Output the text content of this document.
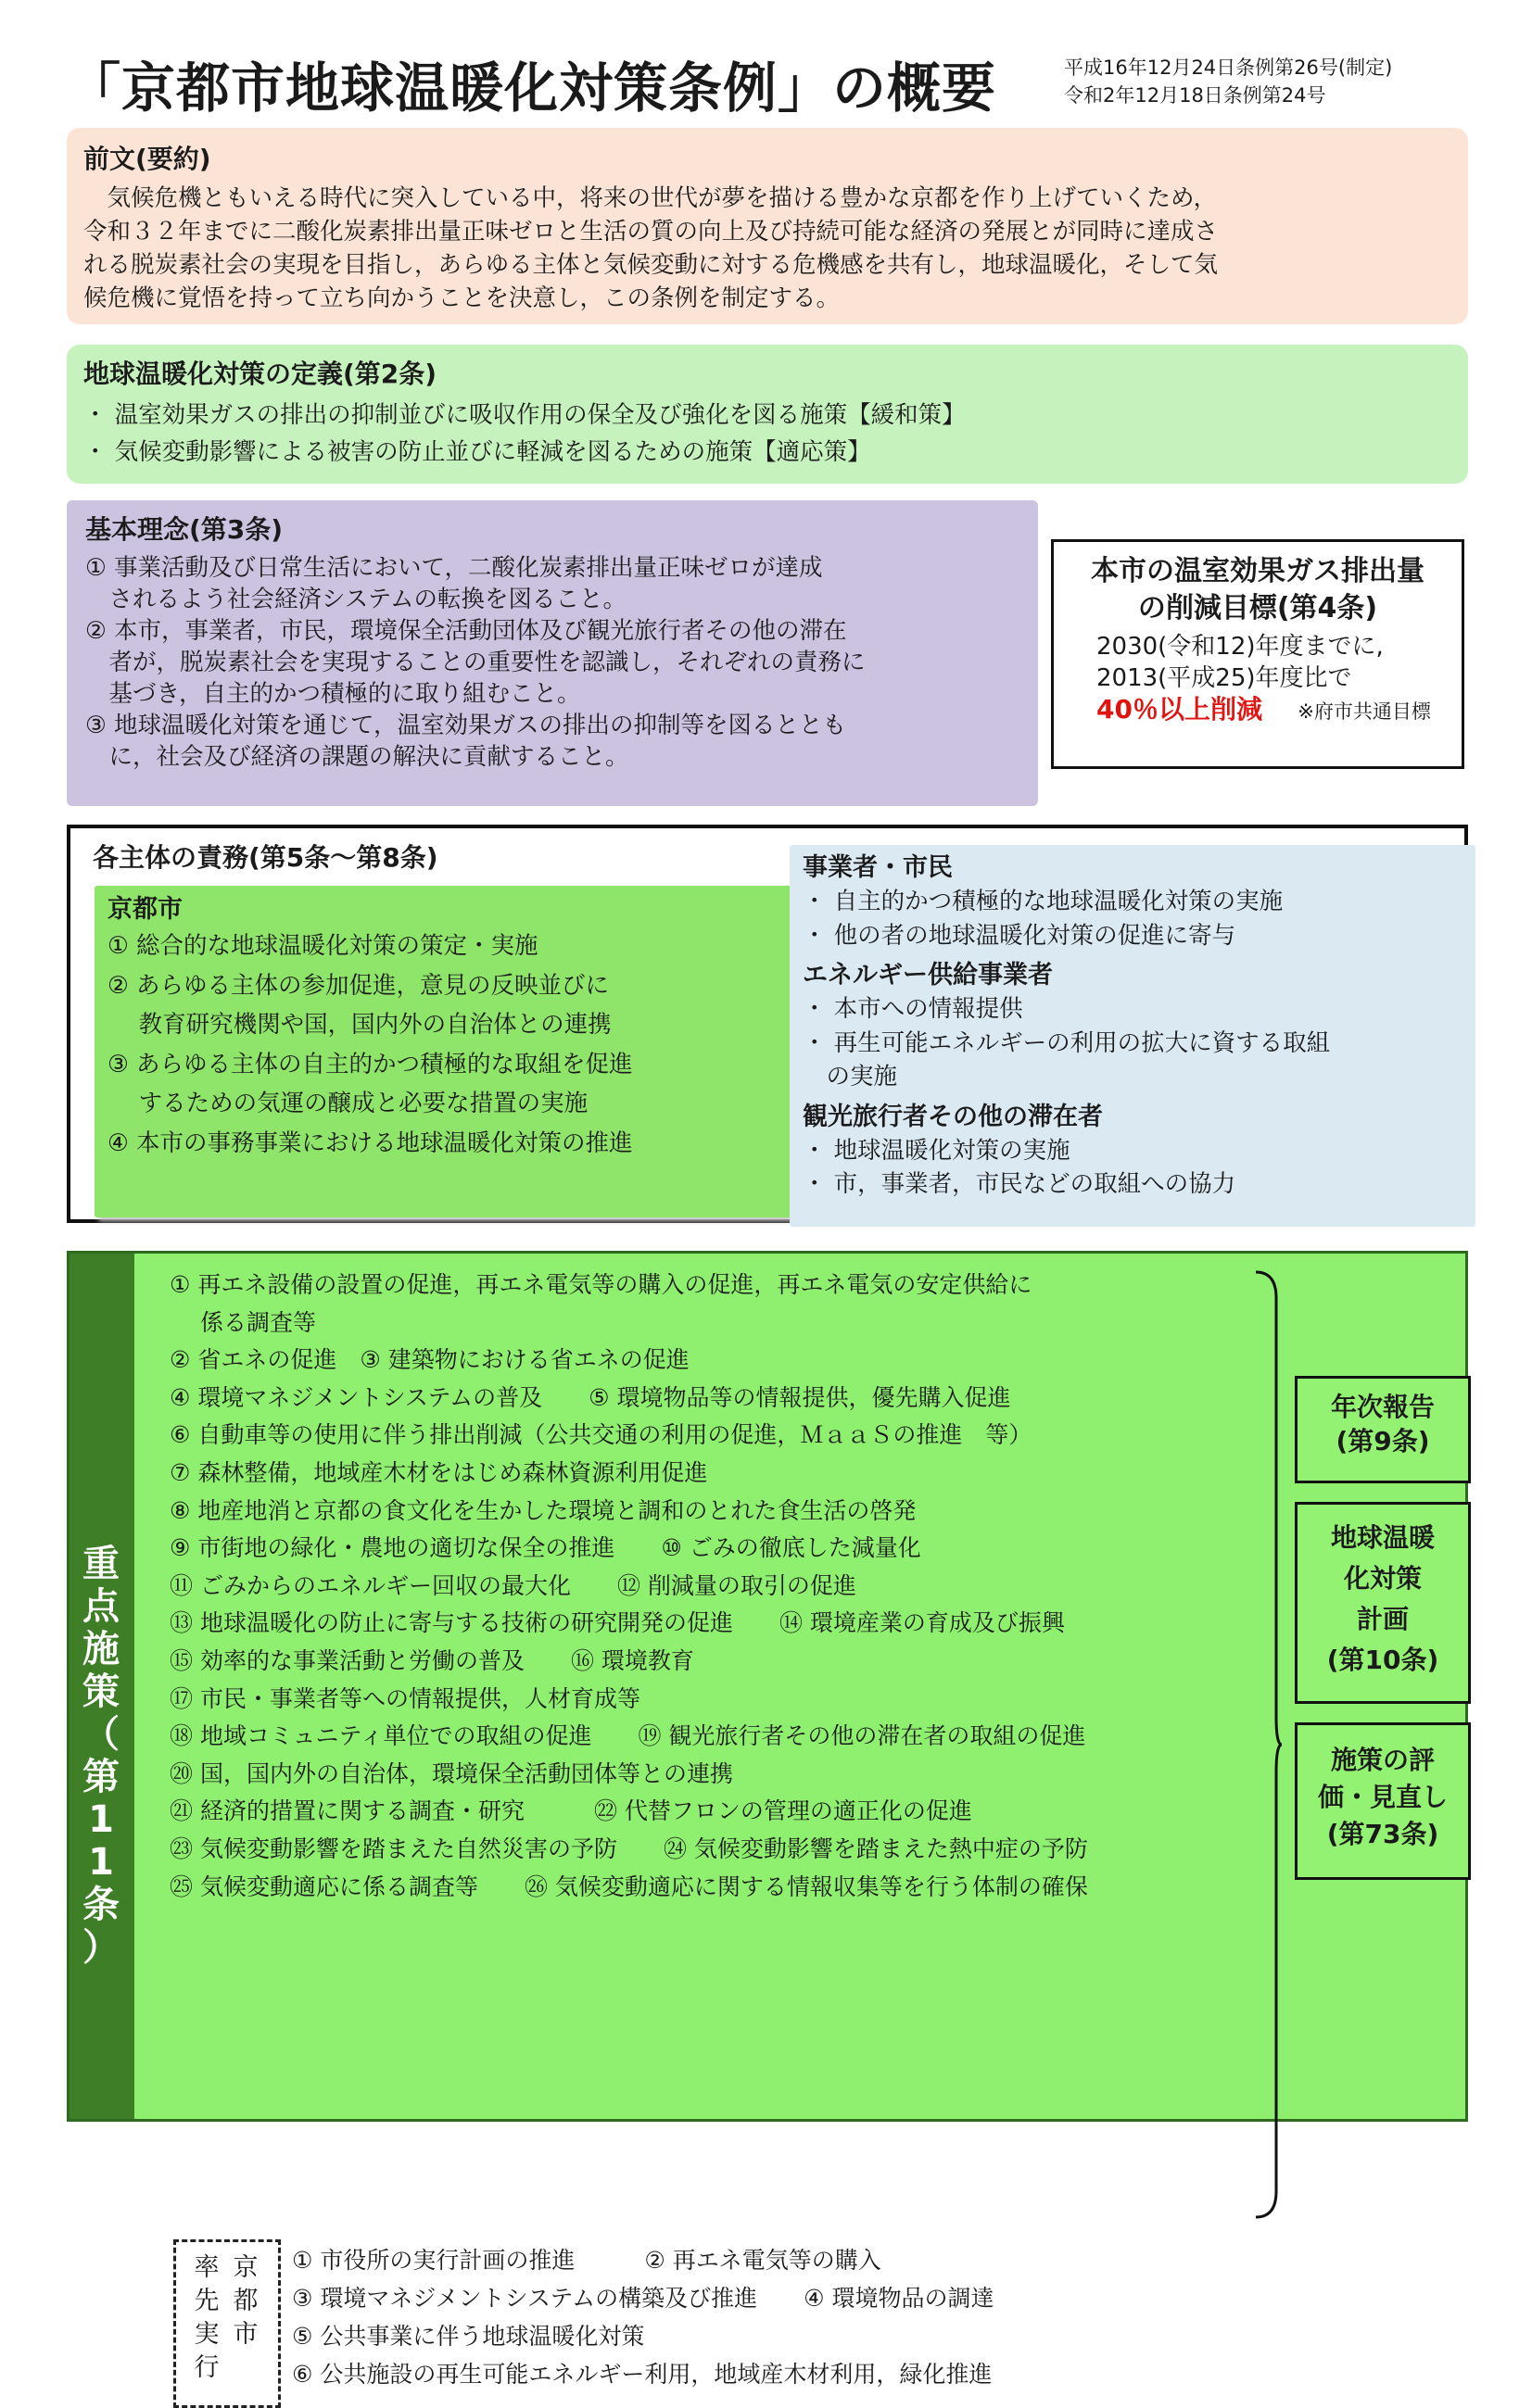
「京都市地球温暖化対策条例」の概要	平成16年12月24日条例第26号(制定)
令和2年12月18日条例第24号
前文(要約)
　気候危機ともいえる時代に突入している中，将来の世代が夢を描ける豊かな京都を作り上げていくため，
令和３２年までに二酸化炭素排出量正味ゼロと生活の質の向上及び持続可能な経済の発展とが同時に達成さ
れる脱炭素社会の実現を目指し，あらゆる主体と気候変動に対する危機感を共有し，地球温暖化，そして気
候危機に覚悟を持って立ち向かうことを決意し，この条例を制定する。
地球温暖化対策の定義(第2条)
・ 温室効果ガスの排出の抑制並びに吸収作用の保全及び強化を図る施策【緩和策】
・ 気候変動影響による被害の防止並びに軽減を図るための施策【適応策】
基本理念(第3条)
① 事業活動及び日常生活において，二酸化炭素排出量正味ゼロが達成
　されるよう社会経済システムの転換を図ること。
② 本市，事業者，市民，環境保全活動団体及び観光旅行者その他の滞在
　者が，脱炭素社会を実現することの重要性を認識し，それぞれの責務に
　基づき，自主的かつ積極的に取り組むこと。
③ 地球温暖化対策を通じて，温室効果ガスの排出の抑制等を図るととも
　に，社会及び経済の課題の解決に貢献すること。
本市の温室効果ガス排出量
の削減目標(第4条)
2030(令和12)年度までに,
2013(平成25)年度比で
40％以上削減 ※府市共通目標
各主体の責務(第5条～第8条)
京都市
① 総合的な地球温暖化対策の策定・実施
② あらゆる主体の参加促進，意見の反映並びに
　 教育研究機関や国，国内外の自治体との連携
③ あらゆる主体の自主的かつ積極的な取組を促進
　 するための気運の醸成と必要な措置の実施
④ 本市の事務事業における地球温暖化対策の推進
事業者・市民
・ 自主的かつ積極的な地球温暖化対策の実施
・ 他の者の地球温暖化対策の促進に寄与
エネルギー供給事業者
・ 本市への情報提供
・ 再生可能エネルギーの利用の拡大に資する取組
　の実施
観光旅行者その他の滞在者
・ 地球温暖化対策の実施
・ 市，事業者，市民などの取組への協力
重
点
施
策
（
第
1
1
条
）
① 再エネ設備の設置の促進，再エネ電気等の購入の促進，再エネ電気の安定供給に
　 係る調査等
② 省エネの促進　③ 建築物における省エネの促進
④ 環境マネジメントシステムの普及　　⑤ 環境物品等の情報提供，優先購入促進
⑥ 自動車等の使用に伴う排出削減（公共交通の利用の促進，ＭａａＳの推進　等）
⑦ 森林整備，地域産木材をはじめ森林資源利用促進
⑧ 地産地消と京都の食文化を生かした環境と調和のとれた食生活の啓発
⑨ 市街地の緑化・農地の適切な保全の推進　　⑩ ごみの徹底した減量化
⑪ ごみからのエネルギー回収の最大化　　⑫ 削減量の取引の促進
⑬ 地球温暖化の防止に寄与する技術の研究開発の促進　　⑭ 環境産業の育成及び振興
⑮ 効率的な事業活動と労働の普及　　⑯ 環境教育
⑰ 市民・事業者等への情報提供，人材育成等
⑱ 地域コミュニティ単位での取組の促進　　⑲ 観光旅行者その他の滞在者の取組の促進
⑳ 国，国内外の自治体，環境保全活動団体等との連携
㉑ 経済的措置に関する調査・研究　　　㉒ 代替フロンの管理の適正化の促進
㉓ 気候変動影響を踏まえた自然災害の予防　　㉔ 気候変動影響を踏まえた熱中症の予防
㉕ 気候変動適応に係る調査等　　㉖ 気候変動適応に関する情報収集等を行う体制の確保
年次報告
(第9条)
地球温暖
化対策
計画
(第10条)
施策の評
価・見直し
(第73条)
京
都
市
率
先
実
行
① 市役所の実行計画の推進　　　② 再エネ電気等の購入
③ 環境マネジメントシステムの構築及び推進　　④ 環境物品の調達
⑤ 公共事業に伴う地球温暖化対策
⑥ 公共施設の再生可能エネルギー利用，地域産木材利用，緑化推進
